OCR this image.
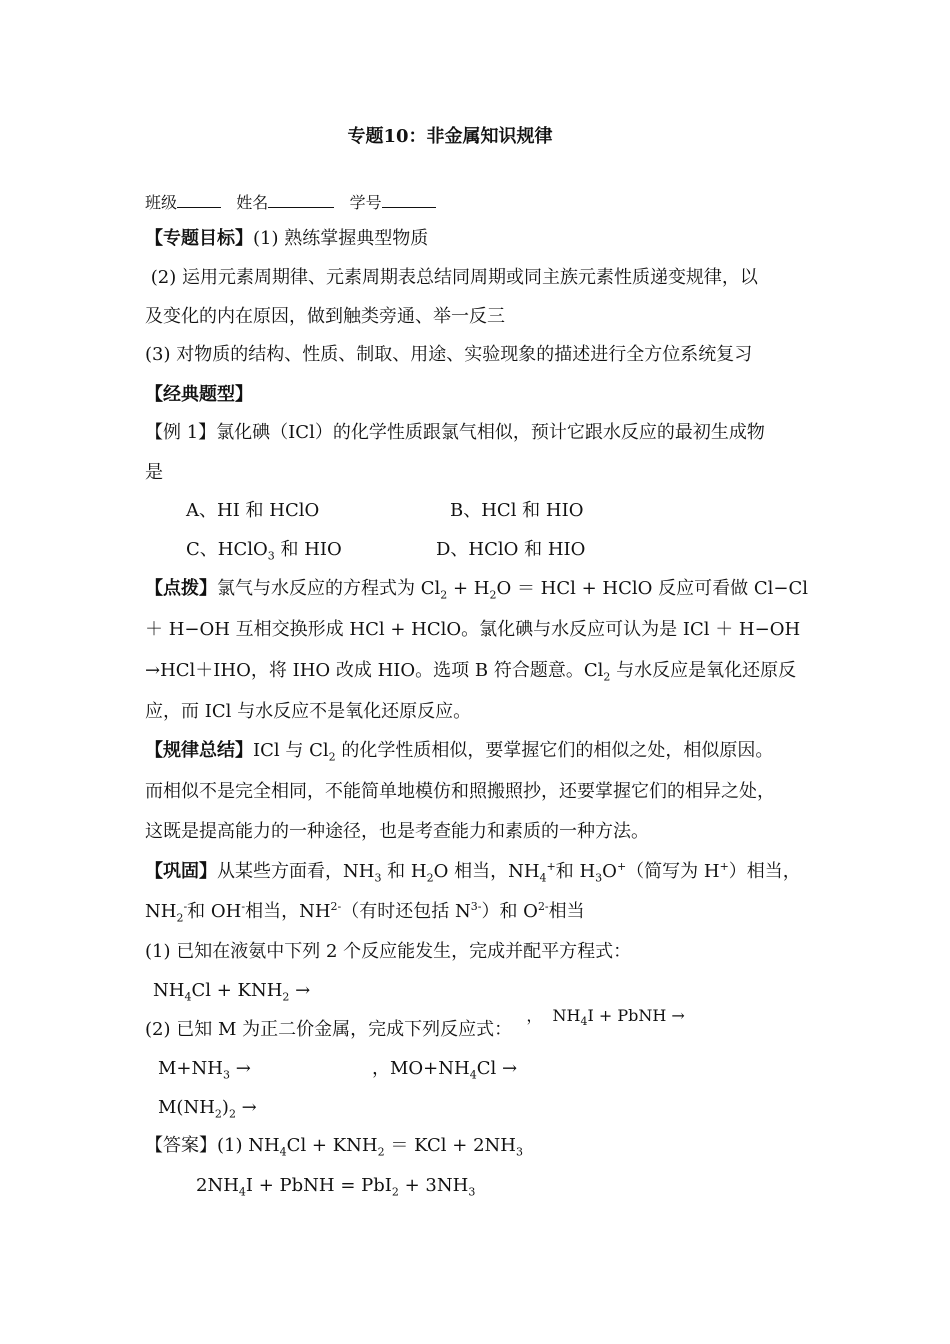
专题10：非金属知识规律
班级	姓名	学号
【专题目标】(1) 熟练掌握典型物质
(2) 运用元素周期律、元素周期表总结同周期或同主族元素性质递变规律，以
及变化的内在原因，做到触类旁通、举一反三
(3) 对物质的结构、性质、制取、用途、实验现象的描述进行全方位系统复习
【经典题型】
【例 1】氯化碘（ICl）的化学性质跟氯气相似，预计它跟水反应的最初生成物
是
A、HI 和 HClO	B、HCl 和 HIO
C、HClO$_3$ 和 HIO	D、HClO 和 HIO
【点拨】氯气与水反应的方程式为 $Cl_2 + H_2O$ ＝ HCl + HClO 反应可看做 Cl−Cl
＋ H−OH 互相交换形成 HCl + HClO。氯化碘与水反应可认为是 ICl ＋ H−OH
→HCl＋IHO，将 IHO 改成 HIO。选项 B 符合题意。$Cl_2$ 与水反应是氧化还原反
应，而 ICl 与水反应不是氧化还原反应。
【规律总结】ICl 与 $Cl_2$ 的化学性质相似，要掌握它们的相似之处，相似原因。
而相似不是完全相同，不能简单地模仿和照搬照抄，还要掌握它们的相异之处，
这既是提高能力的一种途径，也是考查能力和素质的一种方法。
【巩固】从某些方面看，$NH_3$ 和 $H_2O$ 相当，$NH_4^+$和 $H_3O^+$（简写为 H+）相当，
$NH_2^-$和 OH-相当，$NH^{2-}$（有时还包括 $N^{3-}$）和 $O^{2-}$相当
(1) 已知在液氨中下列 2 个反应能发生，完成并配平方程式：
$NH_4Cl + KNH_2$ →

，  $NH_4I$ + PbNH →

(2) 已知 M 为正二价金属，完成下列反应式：
$M+NH_3$ →	，$MO+NH_4Cl$ →
$M(NH_2)_2$ →
【答案】(1) $NH_4Cl + KNH_2$ ＝ KCl + $2NH_3$
$2NH_4I$ + PbNH = $PbI_2 + 3NH_3$
